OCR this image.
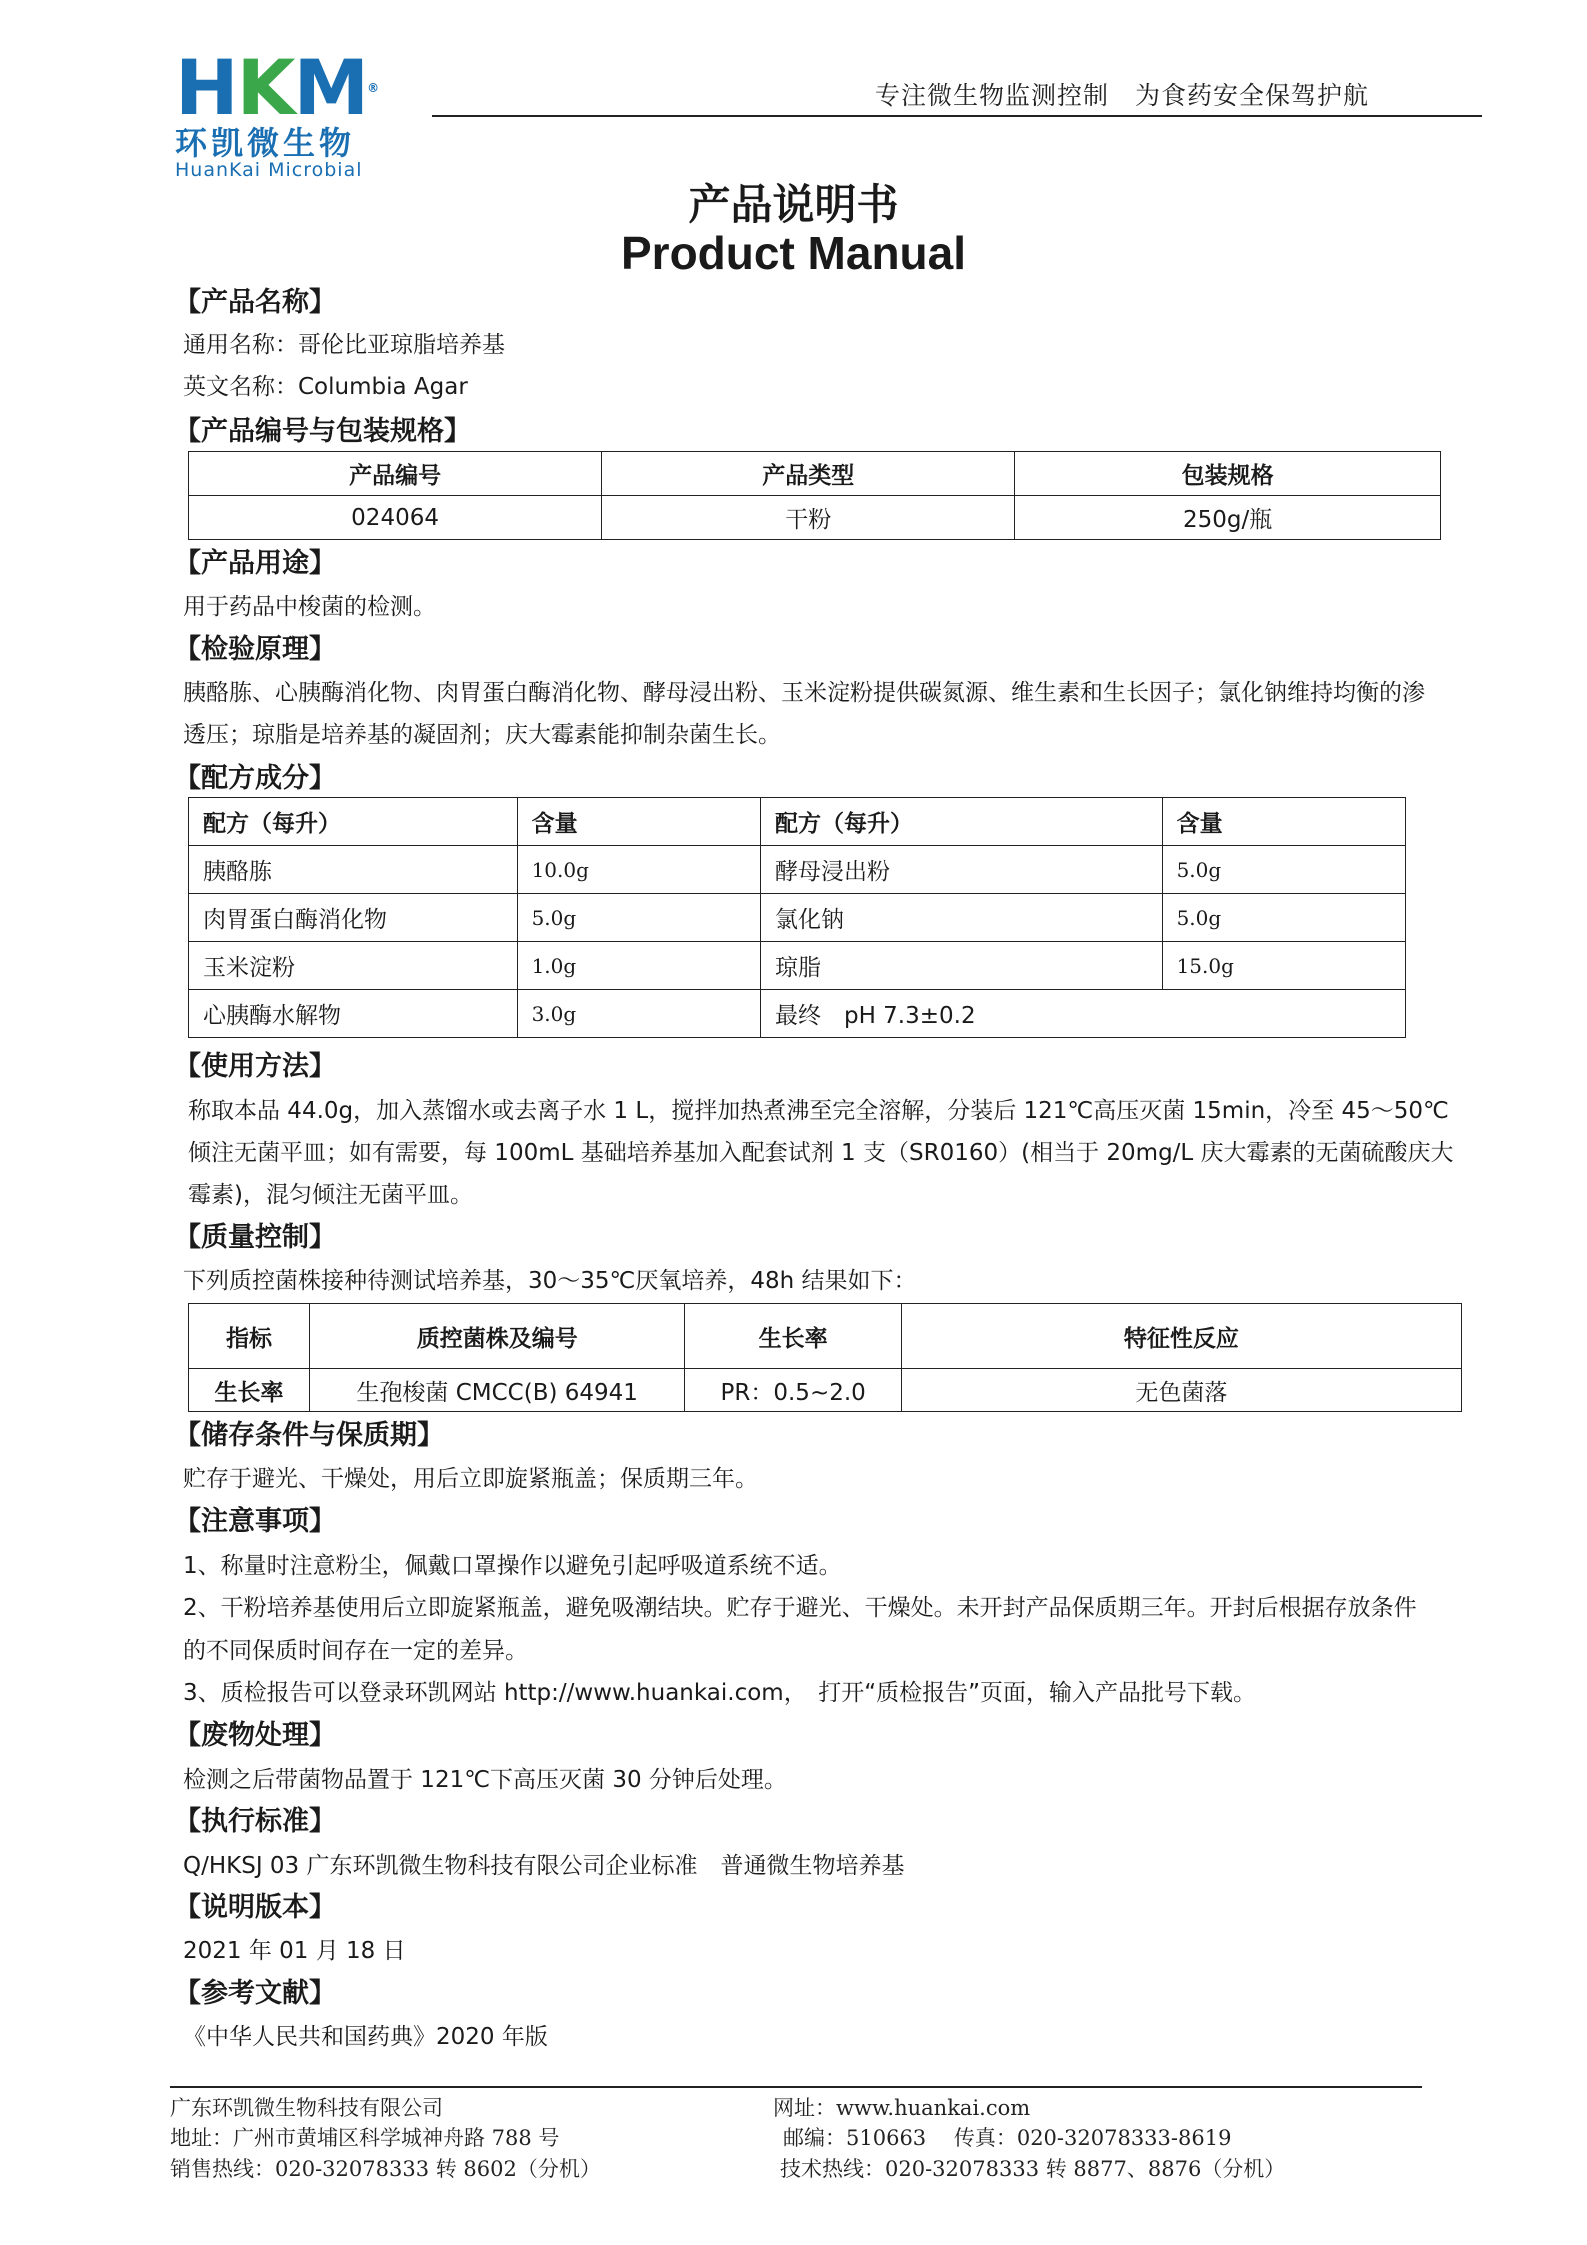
HKM®
环凯微生物
HuanKai Microbial
专注微生物监测控制　为食药安全保驾护航
产品说明书
Product Manual
【产品名称】
通用名称：哥伦比亚琼脂培养基
英文名称：Columbia Agar
【产品编号与包装规格】
产品编号	产品类型	包装规格
024064	干粉	250g/瓶
【产品用途】
用于药品中梭菌的检测。
【检验原理】
胰酪胨、心胰酶消化物、肉胃蛋白酶消化物、酵母浸出粉、玉米淀粉提供碳氮源、维生素和生长因子；氯化钠维持均衡的渗
透压；琼脂是培养基的凝固剂；庆大霉素能抑制杂菌生长。
【配方成分】
配方（每升）	含量	配方（每升）	含量
胰酪胨	10.0g	酵母浸出粉	5.0g
肉胃蛋白酶消化物	5.0g	氯化钠	5.0g
玉米淀粉	1.0g	琼脂	15.0g
心胰酶水解物	3.0g	最终　pH 7.3±0.2	
【使用方法】
称取本品 44.0g，加入蒸馏水或去离子水 1 L，搅拌加热煮沸至完全溶解，分装后 121℃高压灭菌 15min，冷至 45～50℃
倾注无菌平皿；如有需要，每 100mL 基础培养基加入配套试剂 1 支（SR0160）(相当于 20mg/L 庆大霉素的无菌硫酸庆大
霉素)，混匀倾注无菌平皿。
【质量控制】
下列质控菌株接种待测试培养基，30～35℃厌氧培养，48h 结果如下：
指标	质控菌株及编号	生长率	特征性反应
生长率	生孢梭菌 CMCC(B) 64941	PR：0.5~2.0	无色菌落
【储存条件与保质期】
贮存于避光、干燥处，用后立即旋紧瓶盖；保质期三年。
【注意事项】
1、称量时注意粉尘，佩戴口罩操作以避免引起呼吸道系统不适。
2、干粉培养基使用后立即旋紧瓶盖，避免吸潮结块。贮存于避光、干燥处。未开封产品保质期三年。开封后根据存放条件
的不同保质时间存在一定的差异。
3、质检报告可以登录环凯网站 http://www.huankai.com，　打开“质检报告”页面，输入产品批号下载。
【废物处理】
检测之后带菌物品置于 121℃下高压灭菌 30 分钟后处理。
【执行标准】
Q/HKSJ 03 广东环凯微生物科技有限公司企业标准　普通微生物培养基
【说明版本】
2021 年 01 月 18 日
【参考文献】
《中华人民共和国药典》2020 年版
广东环凯微生物科技有限公司
地址：广州市黄埔区科学城神舟路 788 号
销售热线：020-32078333 转 8602（分机）
网址：www.huankai.com
邮编：510663　 传真：020-32078333-8619
技术热线：020-32078333 转 8877、8876（分机）
